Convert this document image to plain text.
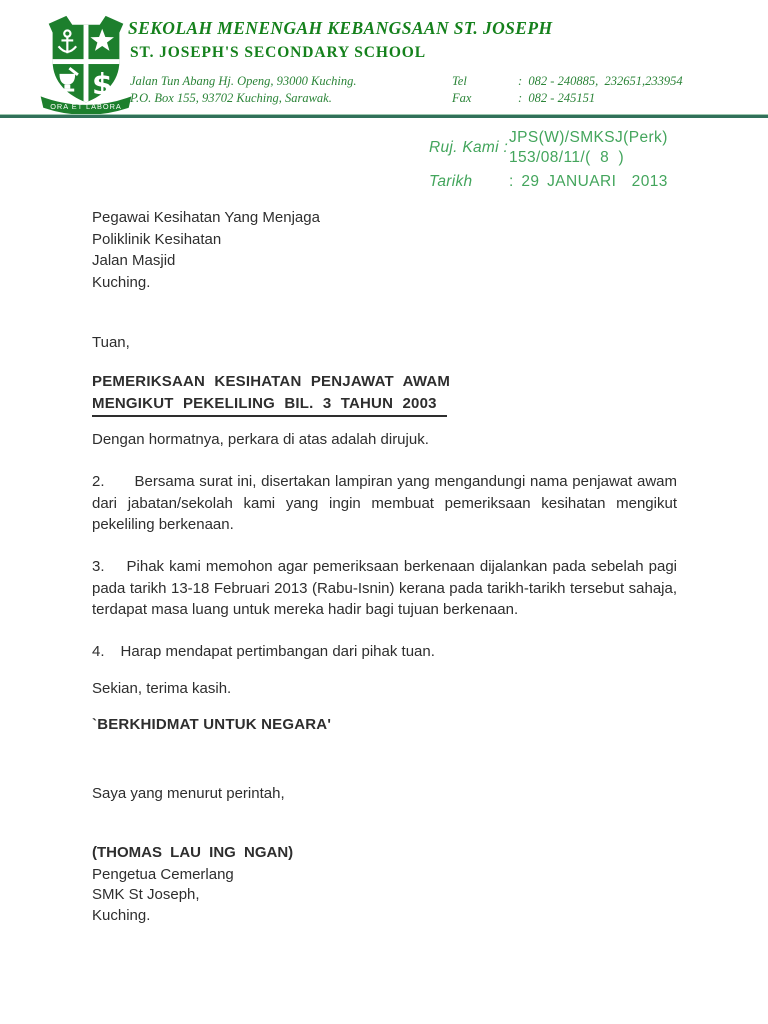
$
ORA ET LABORA
SEKOLAH MENENGAH KEBANGSAAN ST. JOSEPH
ST. JOSEPH'S SECONDARY SCHOOL
Jalan Tun Abang Hj. Openg, 93000 Kuching.
P.O. Box 155, 93702 Kuching, Sarawak.
Tel	:  082 - 240885,  232651,233954
Fax	:  082 - 245151
Ruj. Kami :
JPS(W)/SMKSJ(Perk)
153/08/11/(  8  )
Tarikh	: 29 JANUARI  2013
Pegawai Kesihatan Yang Menjaga
Poliklinik Kesihatan
Jalan Masjid
Kuching.
Tuan,
PEMERIKSAAN KESIHATAN PENJAWAT AWAM
MENGIKUT PEKELILING BIL. 3 TAHUN 2003
Dengan hormatnya, perkara di atas adalah dirujuk.
2. Bersama surat ini, disertakan lampiran yang mengandungi nama penjawat awam dari jabatan/sekolah kami yang ingin membuat pemeriksaan kesihatan mengikut pekeliling berkenaan.
3. Pihak kami memohon agar pemeriksaan berkenaan dijalankan pada sebelah pagi pada tarikh 13-18 Februari 2013 (Rabu-Isnin) kerana pada tarikh-tarikh tersebut sahaja, terdapat masa luang untuk mereka hadir bagi tujuan berkenaan.
4. Harap mendapat pertimbangan dari pihak tuan.
Sekian, terima kasih.
`BERKHIDMAT UNTUK NEGARA'
Saya yang menurut perintah,
(THOMAS LAU ING NGAN)
Pengetua Cemerlang
SMK St Joseph,
Kuching.
